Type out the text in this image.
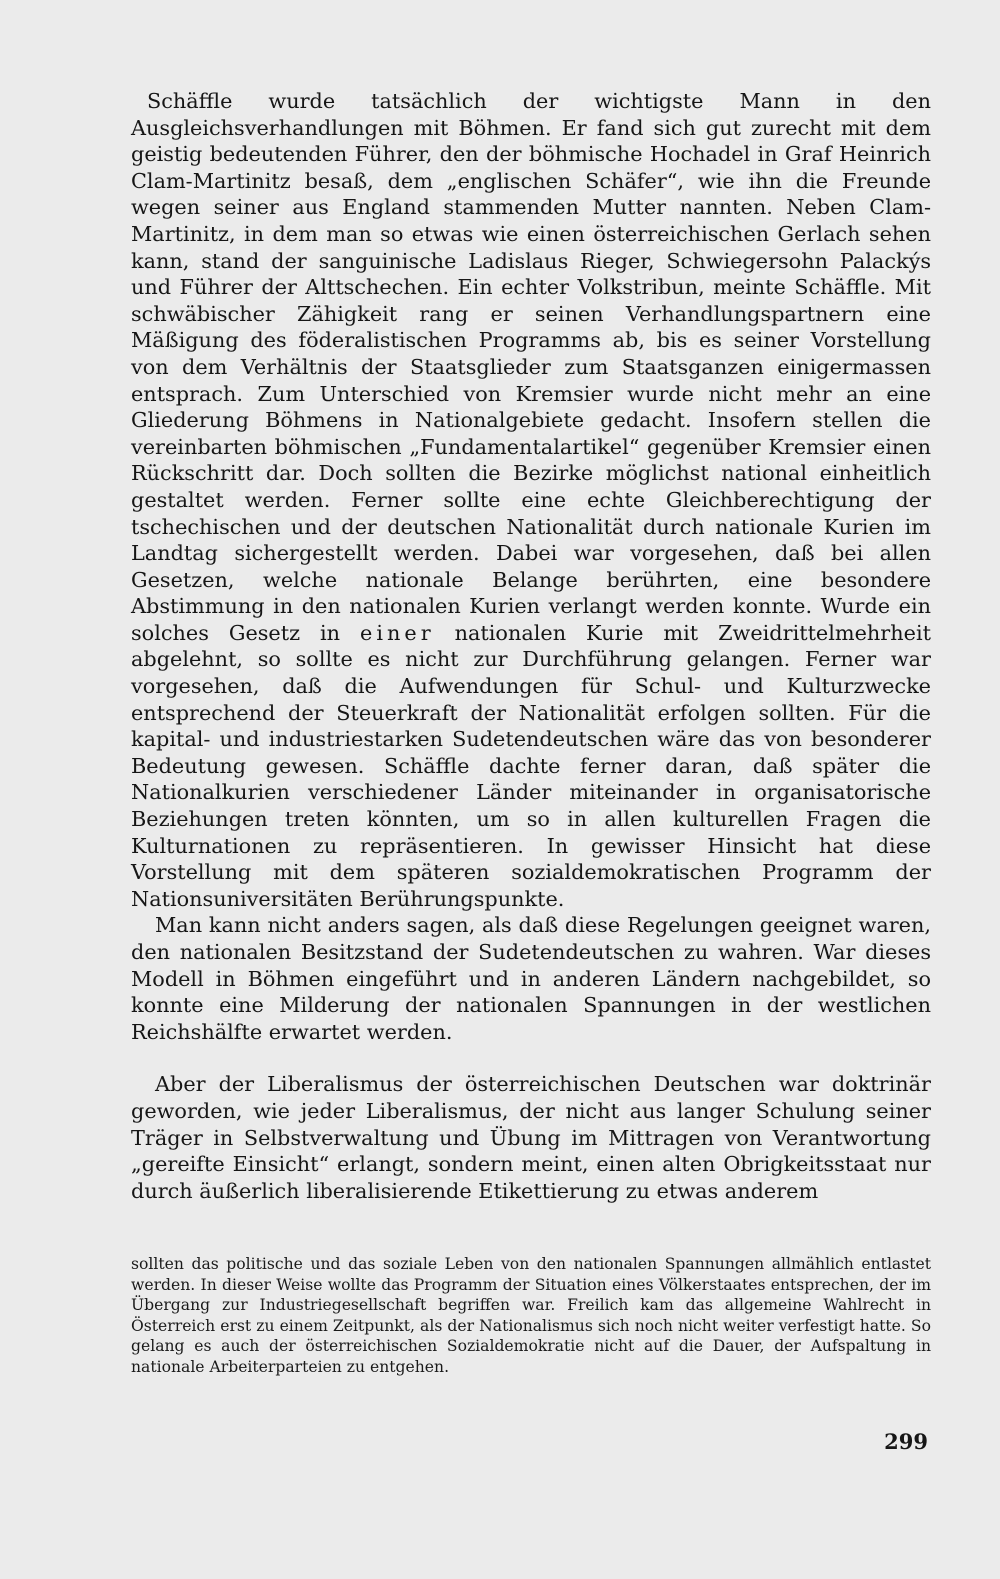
Schäffle wurde tatsächlich der wichtigste Mann in den Ausgleichsverhandlungen mit Böhmen. Er fand sich gut zurecht mit dem geistig bedeutenden Führer, den der böhmische Hochadel in Graf Heinrich Clam-Martinitz besaß, dem „englischen Schäfer“, wie ihn die Freunde wegen seiner aus England stammenden Mutter nannten. Neben Clam-Martinitz, in dem man so etwas wie einen österreichischen Gerlach sehen kann, stand der sanguinische Ladislaus Rieger, Schwiegersohn Palackýs und Führer der Alttschechen. Ein echter Volkstribun, meinte Schäffle. Mit schwäbischer Zähigkeit rang er seinen Verhandlungspartnern eine Mäßigung des föderalistischen Programms ab, bis es seiner Vorstellung von dem Verhältnis der Staatsglieder zum Staatsganzen einigermassen entsprach. Zum Unterschied von Kremsier wurde nicht mehr an eine Gliederung Böhmens in Nationalgebiete gedacht. Insofern stellen die vereinbarten böhmischen „Fundamentalartikel“ gegenüber Kremsier einen Rückschritt dar. Doch sollten die Bezirke möglichst national einheitlich gestaltet werden. Ferner sollte eine echte Gleichberechtigung der tschechischen und der deutschen Nationalität durch nationale Kurien im Landtag sichergestellt werden. Dabei war vorgesehen, daß bei allen Gesetzen, welche nationale Belange berührten, eine besondere Abstimmung in den nationalen Kurien verlangt werden konnte. Wurde ein solches Gesetz in einer nationalen Kurie mit Zweidrittelmehrheit abgelehnt, so sollte es nicht zur Durchführung gelangen. Ferner war vorgesehen, daß die Aufwendungen für Schul- und Kulturzwecke entsprechend der Steuerkraft der Nationalität erfolgen sollten. Für die kapital- und industriestarken Sudetendeutschen wäre das von besonderer Bedeutung gewesen. Schäffle dachte ferner daran, daß später die Nationalkurien verschiedener Länder miteinander in organisatorische Beziehungen treten könnten, um so in allen kulturellen Fragen die Kulturnationen zu repräsentieren. In gewisser Hinsicht hat diese Vorstellung mit dem späteren sozialdemokratischen Programm der Nationsuniversitäten Berührungspunkte.

Man kann nicht anders sagen, als daß diese Regelungen geeignet waren, den nationalen Besitzstand der Sudetendeutschen zu wahren. War dieses Modell in Böhmen eingeführt und in anderen Ländern nachgebildet, so konnte eine Milderung der nationalen Spannungen in der westlichen Reichshälfte erwartet werden.

Aber der Liberalismus der österreichischen Deutschen war doktrinär geworden, wie jeder Liberalismus, der nicht aus langer Schulung seiner Träger in Selbstverwaltung und Übung im Mittragen von Verantwortung „gereifte Einsicht“ erlangt, sondern meint, einen alten Obrigkeitsstaat nur durch äußerlich liberalisierende Etikettierung zu etwas anderem

sollten das politische und das soziale Leben von den nationalen Spannungen allmählich entlastet werden. In dieser Weise wollte das Programm der Situation eines Völkerstaates entsprechen, der im Übergang zur Industriegesellschaft begriffen war. Freilich kam das allgemeine Wahlrecht in Österreich erst zu einem Zeitpunkt, als der Nationalismus sich noch nicht weiter verfestigt hatte. So gelang es auch der österreichischen Sozialdemokratie nicht auf die Dauer, der Aufspaltung in nationale Arbeiterparteien zu entgehen.

299
